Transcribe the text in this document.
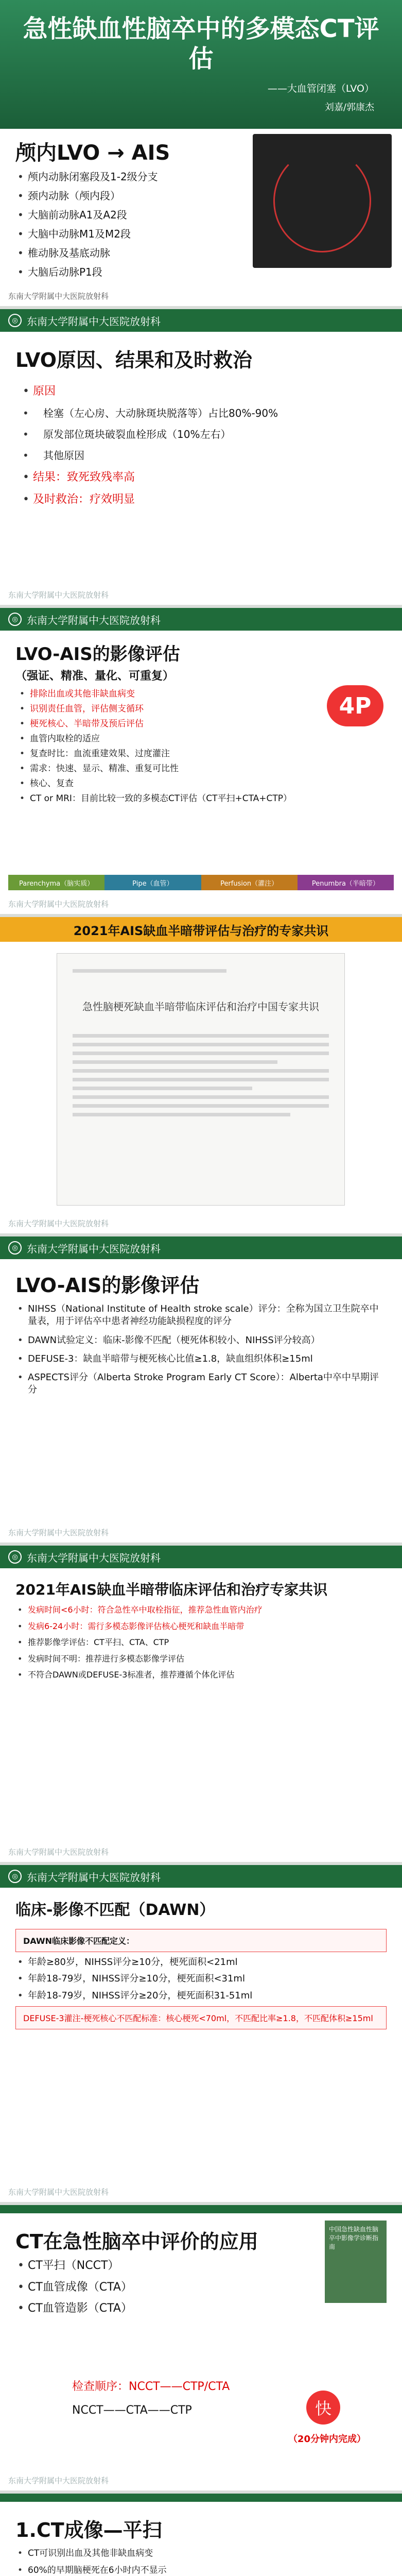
急性缺血性脑卒中的多模态CT评估
——大血管闭塞（LVO）
刘嘉/郭康杰
颅内LVO → AIS
• 颅内动脉闭塞段及1-2级分支
• 颈内动脉（颅内段）
• 大脑前动脉A1及A2段
• 大脑中动脉M1及M2段
• 椎动脉及基底动脉
• 大脑后动脉P1段
东南大学附属中大医院放射科
◎ 东南大学附属中大医院放射科
LVO原因、结果和及时救治
• 原因
• 栓塞（左心房、大动脉斑块脱落等）占比80%-90%
• 原发部位斑块破裂血栓形成（10%左右）
• 其他原因
• 结果：致死致残率高
• 及时救治：疗效明显
东南大学附属中大医院放射科
◎ 东南大学附属中大医院放射科
LVO-AIS的影像评估
（强证、精准、量化、可重复）
4P
• 排除出血或其他非缺血病变
• 识别责任血管，评估侧支循环
• 梗死核心、半暗带及预后评估
• 血管内取栓的适应
• 复查时比：血流重建效果、过度灌注
• 需求：快速、显示、精准、重复可比性
• 核心、复查
• CT or MRI：目前比较一致的多模态CT评估（CT平扫+CTA+CTP）
Parenchyma（脑实质）	Pipe（血管）	Perfusion（灌注）	Penumbra（半暗带）
东南大学附属中大医院放射科
2021年AIS缺血半暗带评估与治疗的专家共识
急性脑梗死缺血半暗带临床评估和治疗中国专家共识
东南大学附属中大医院放射科
◎ 东南大学附属中大医院放射科
LVO-AIS的影像评估
• NIHSS（National Institute of Health stroke scale）评分：全称为国立卫生院卒中量表，用于评估卒中患者神经功能缺损程度的评分
• DAWN试验定义：临床-影像不匹配（梗死体积较小、NIHSS评分较高）
• DEFUSE-3：缺血半暗带与梗死核心比值≥1.8，缺血组织体积≥15ml
• ASPECTS评分（Alberta Stroke Program Early CT Score）：Alberta中卒中早期评分
东南大学附属中大医院放射科
◎ 东南大学附属中大医院放射科
2021年AIS缺血半暗带临床评估和治疗专家共识
• 发病时间<6小时：符合急性卒中取栓指征，推荐急性血管内治疗
• 发病6-24小时：需行多模态影像评估核心梗死和缺血半暗带
• 推荐影像学评估：CT平扫、CTA、CTP
• 发病时间不明：推荐进行多模态影像学评估
• 不符合DAWN或DEFUSE-3标准者，推荐遵循个体化评估
东南大学附属中大医院放射科
◎ 东南大学附属中大医院放射科
临床-影像不匹配（DAWN）
DAWN临床影像不匹配定义：
• 年龄≥80岁，NIHSS评分≥10分，梗死面积<21ml
• 年龄18-79岁，NIHSS评分≥10分，梗死面积<31ml
• 年龄18-79岁，NIHSS评分≥20分，梗死面积31-51ml
DEFUSE-3灌注-梗死核心不匹配标准：核心梗死<70ml，不匹配比率≥1.8，不匹配体积≥15ml
东南大学附属中大医院放射科
CT在急性脑卒中评价的应用
中国急性缺血性脑卒中影像学诊断指南
• CT平扫（NCCT）
• CT血管成像（CTA）
• CT血管造影（CTA）
检查顺序：NCCT——CTP/CTA
NCCT——CTA——CTP	快
（20分钟内完成）
东南大学附属中大医院放射科
1.CT成像—平扫
• CT可识别出血及其他非缺血病变
• 60%的早期脑梗死在6小时内不显示
